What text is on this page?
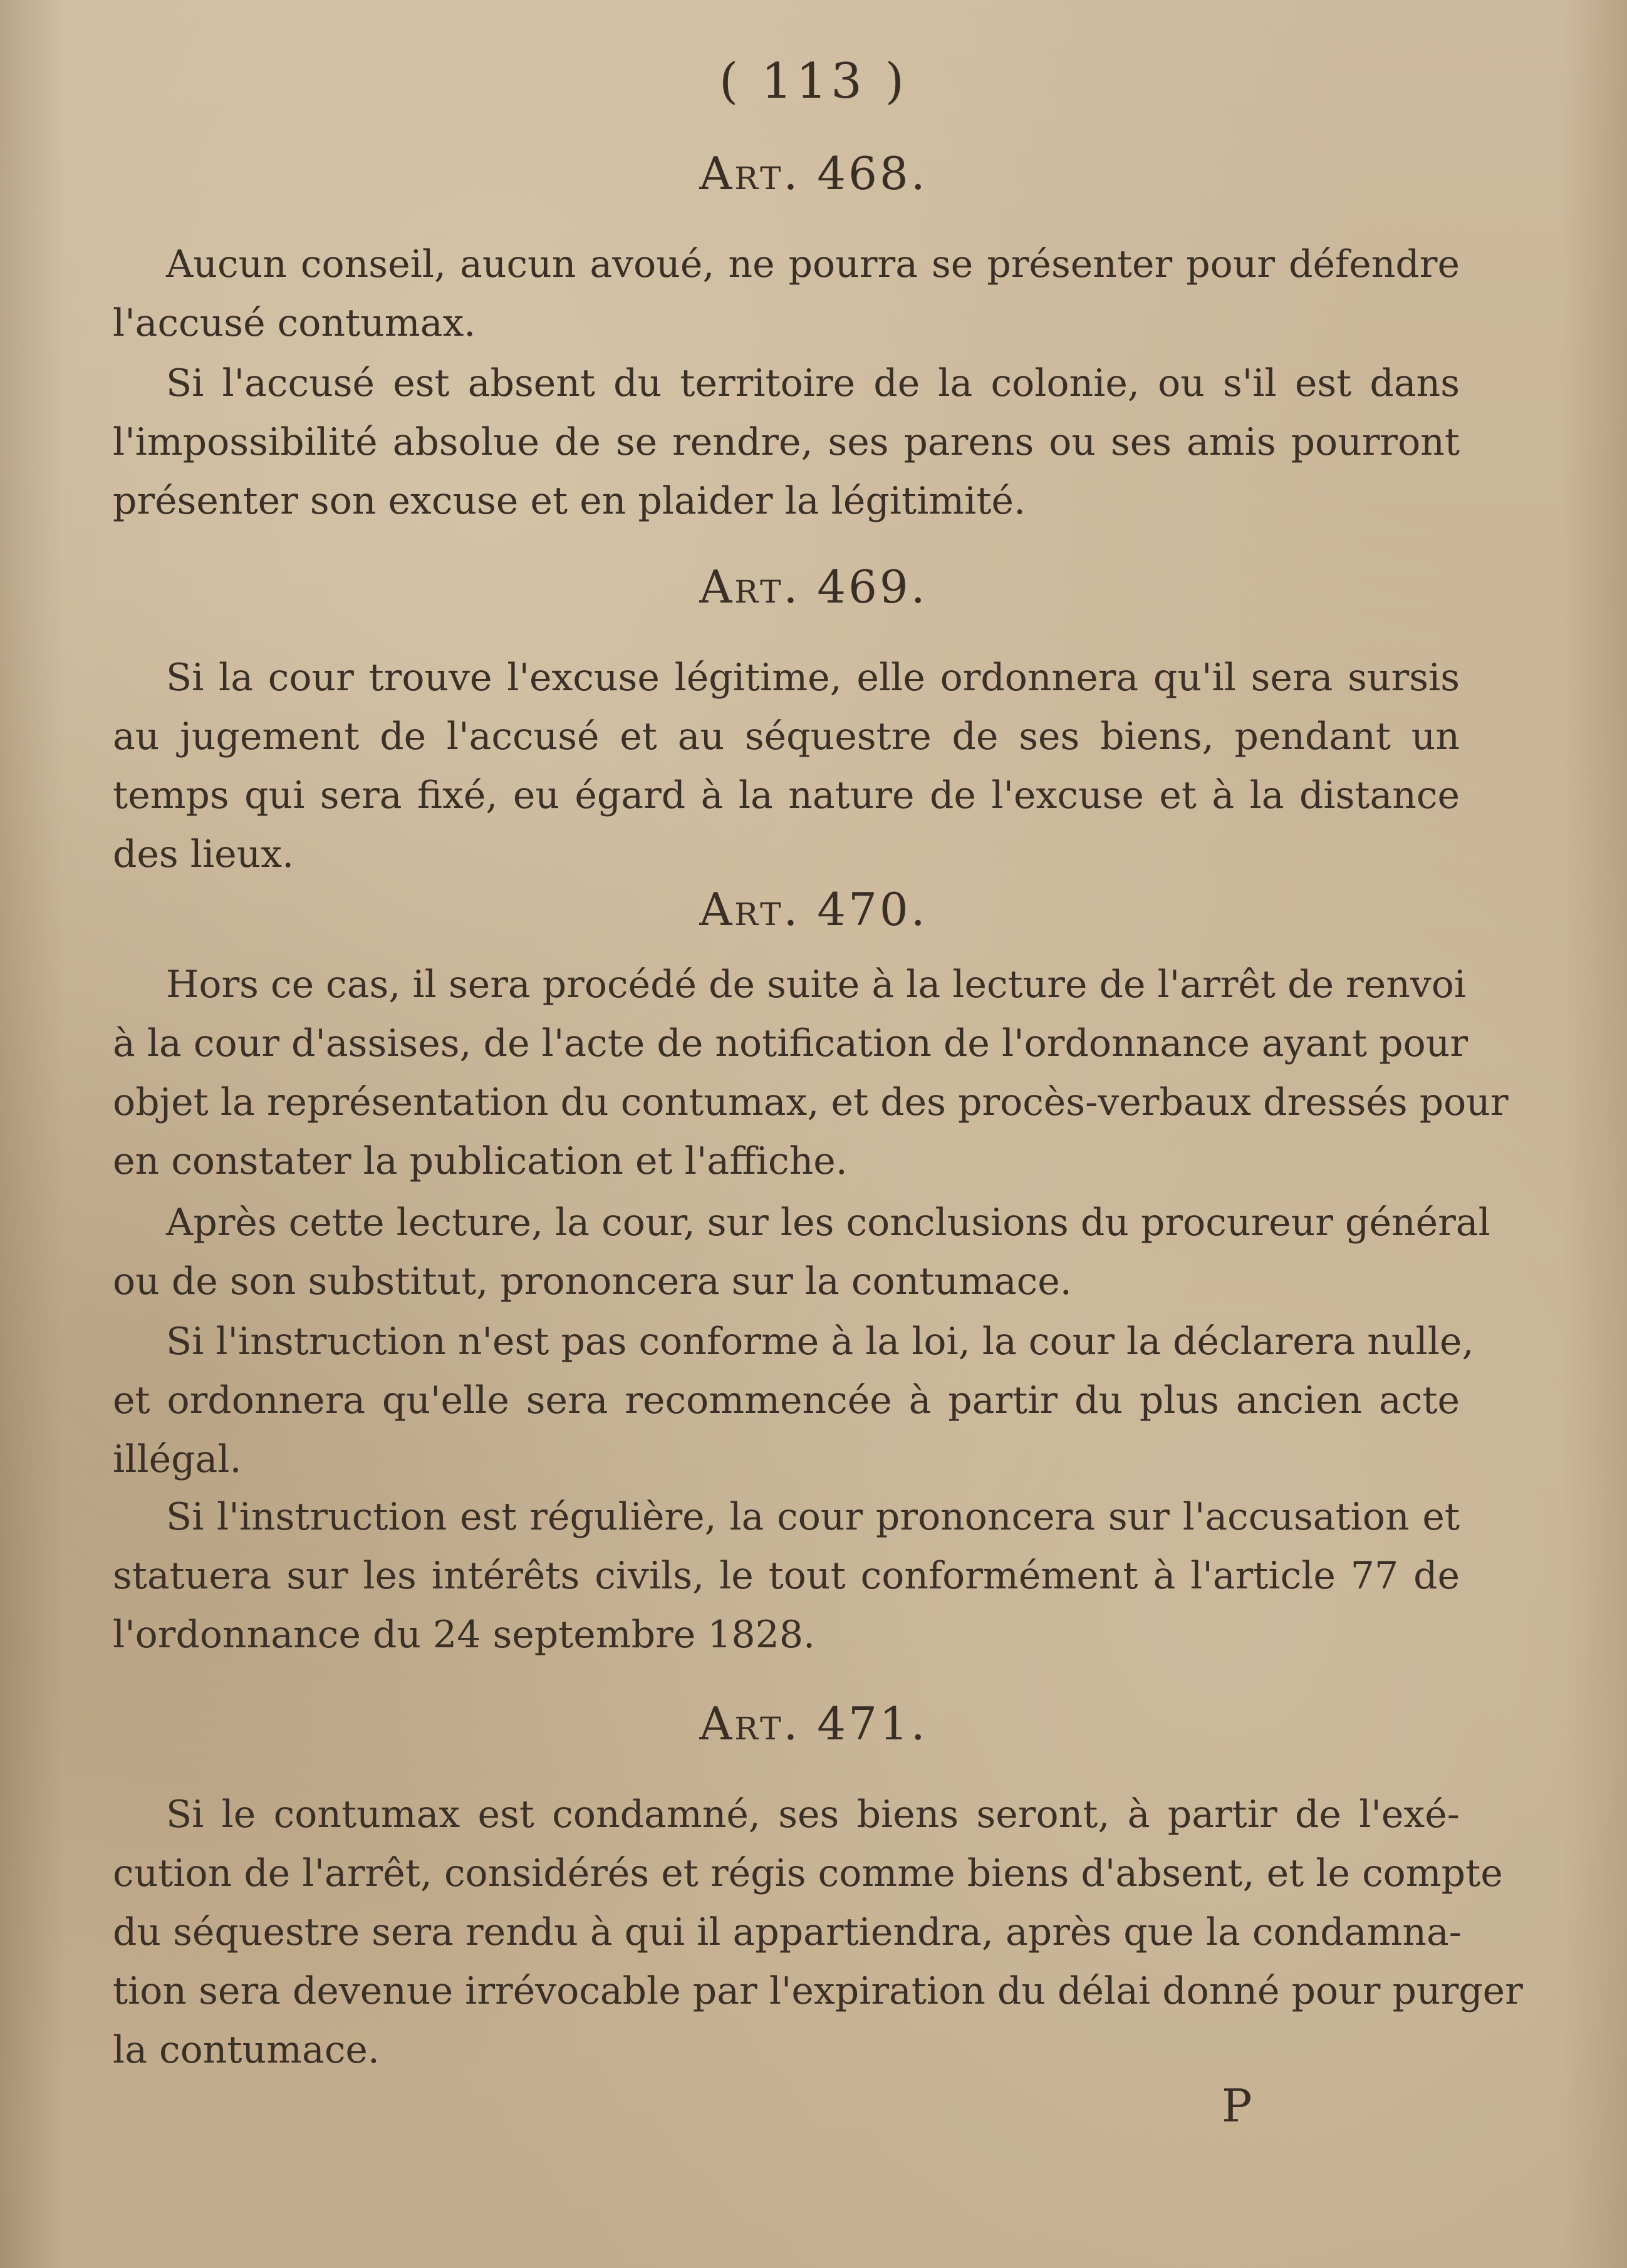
( 113 )
Art. 468.
Aucun conseil, aucun avoué, ne pourra se présenter pour défendre
l'accusé contumax.
Si l'accusé est absent du territoire de la colonie, ou s'il est dans
l'impossibilité absolue de se rendre, ses parens ou ses amis pourront
présenter son excuse et en plaider la légitimité.
Art. 469.
Si la cour trouve l'excuse légitime, elle ordonnera qu'il sera sursis
au jugement de l'accusé et au séquestre de ses biens, pendant un
temps qui sera fixé, eu égard à la nature de l'excuse et à la distance
des lieux.
Art. 470.
Hors ce cas, il sera procédé de suite à la lecture de l'arrêt de renvoi
à la cour d'assises, de l'acte de notification de l'ordonnance ayant pour
objet la représentation du contumax, et des procès-verbaux dressés pour
en constater la publication et l'affiche.
Après cette lecture, la cour, sur les conclusions du procureur général
ou de son substitut, prononcera sur la contumace.
Si l'instruction n'est pas conforme à la loi, la cour la déclarera nulle,
et ordonnera qu'elle sera recommencée à partir du plus ancien acte
illégal.
Si l'instruction est régulière, la cour prononcera sur l'accusation et
statuera sur les intérêts civils, le tout conformément à l'article 77 de
l'ordonnance du 24 septembre 1828.
Art. 471.
Si le contumax est condamné, ses biens seront, à partir de l'exé-
cution de l'arrêt, considérés et régis comme biens d'absent, et le compte
du séquestre sera rendu à qui il appartiendra, après que la condamna-
tion sera devenue irrévocable par l'expiration du délai donné pour purger
la contumace.
P
